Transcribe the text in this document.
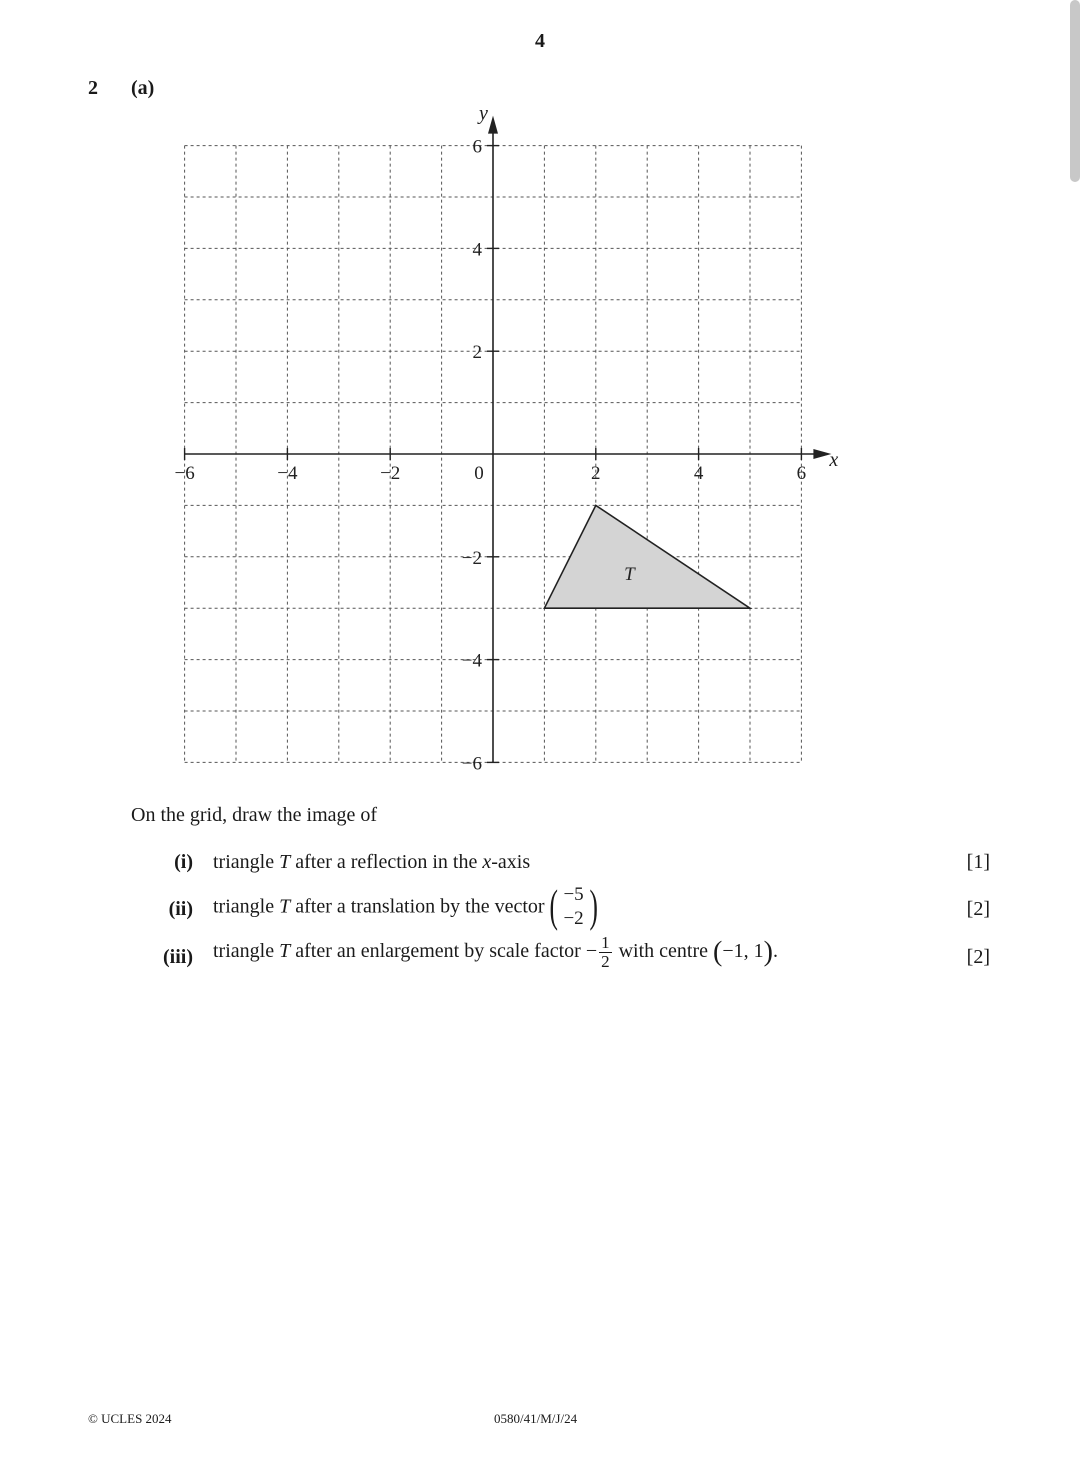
4
2 (a)
T
x
y
−6	−4	−2	2	4	6
6
4
2
−2
−4
−6
0
On the grid, draw the image of
(i) triangle T after a reflection in the x-axis	[1]
(ii) triangle T after a translation by the vector ( −5
−2 )	[2]
(iii) triangle T after an enlargement by scale factor − $\frac{1}{2}$ with centre (−1, 1).	[2]
© UCLES 2024	0580/41/M/J/24
